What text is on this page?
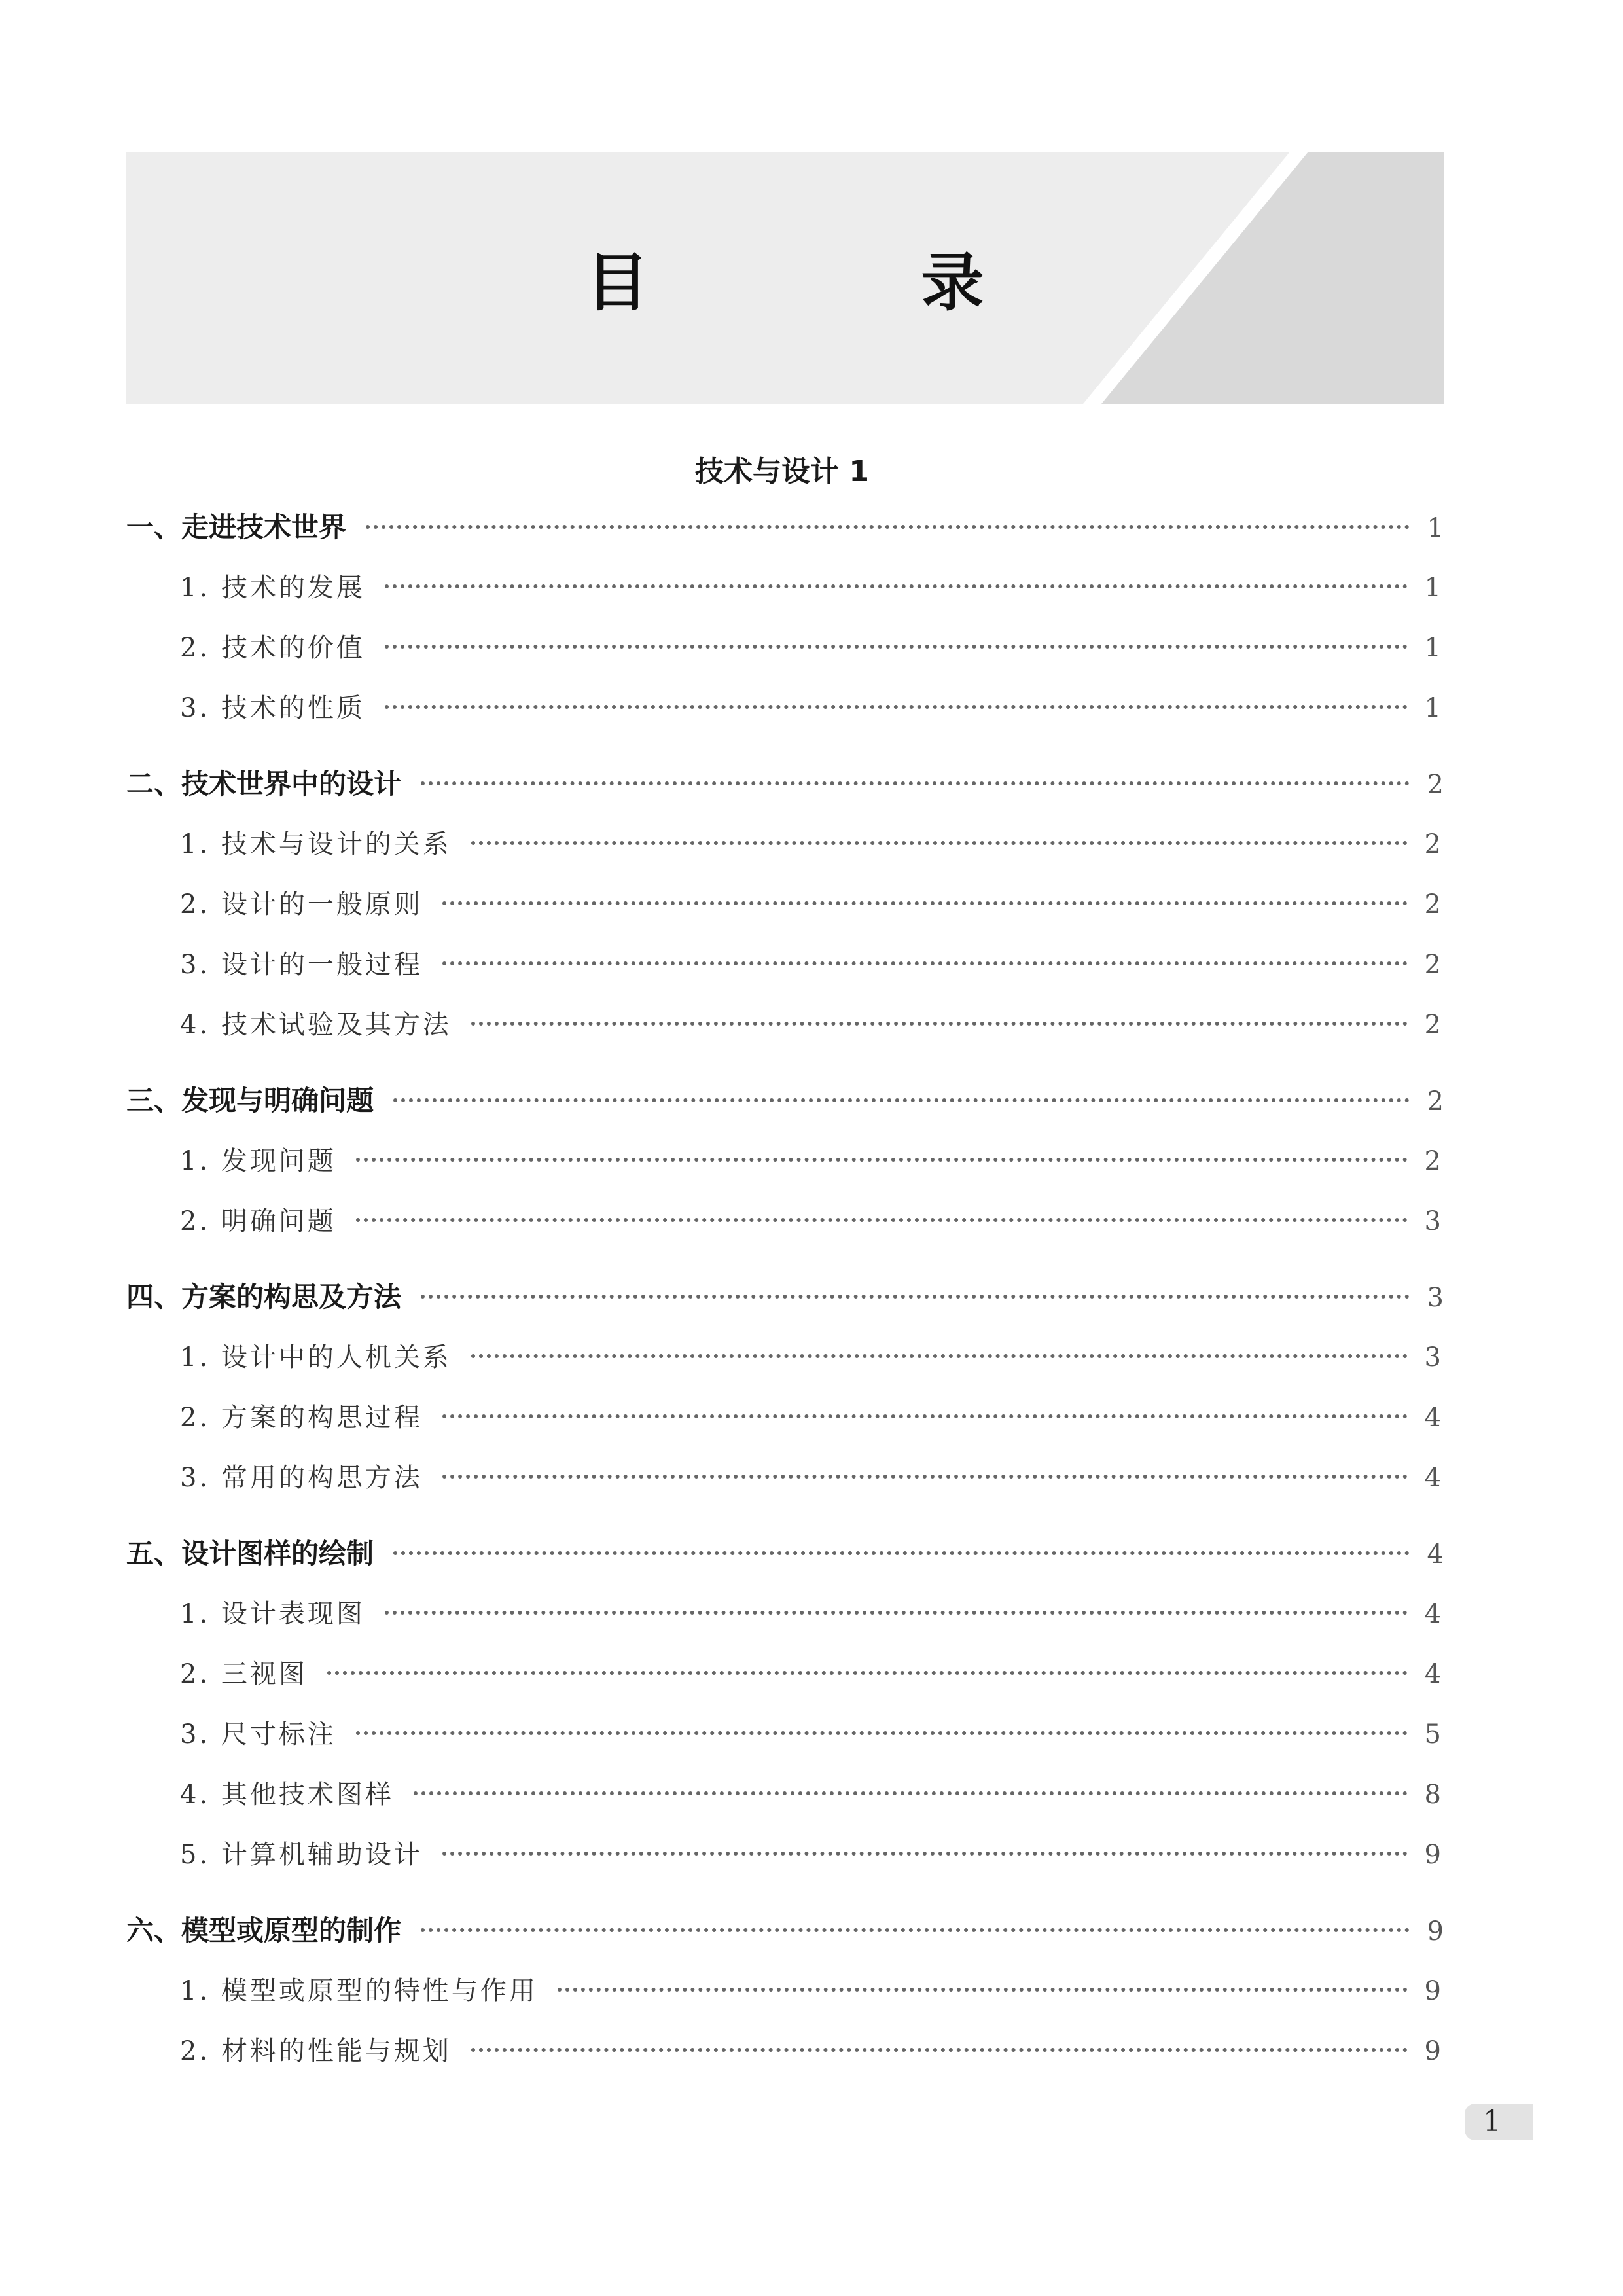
目　录
技术与设计 1
一、走进技术世界	1
1. 技术的发展	1
2. 技术的价值	1
3. 技术的性质	1
二、技术世界中的设计	2
1. 技术与设计的关系	2
2. 设计的一般原则	2
3. 设计的一般过程	2
4. 技术试验及其方法	2
三、发现与明确问题	2
1. 发现问题	2
2. 明确问题	3
四、方案的构思及方法	3
1. 设计中的人机关系	3
2. 方案的构思过程	4
3. 常用的构思方法	4
五、设计图样的绘制	4
1. 设计表现图	4
2. 三视图	4
3. 尺寸标注	5
4. 其他技术图样	8
5. 计算机辅助设计	9
六、模型或原型的制作	9
1. 模型或原型的特性与作用	9
2. 材料的性能与规划	9
1
